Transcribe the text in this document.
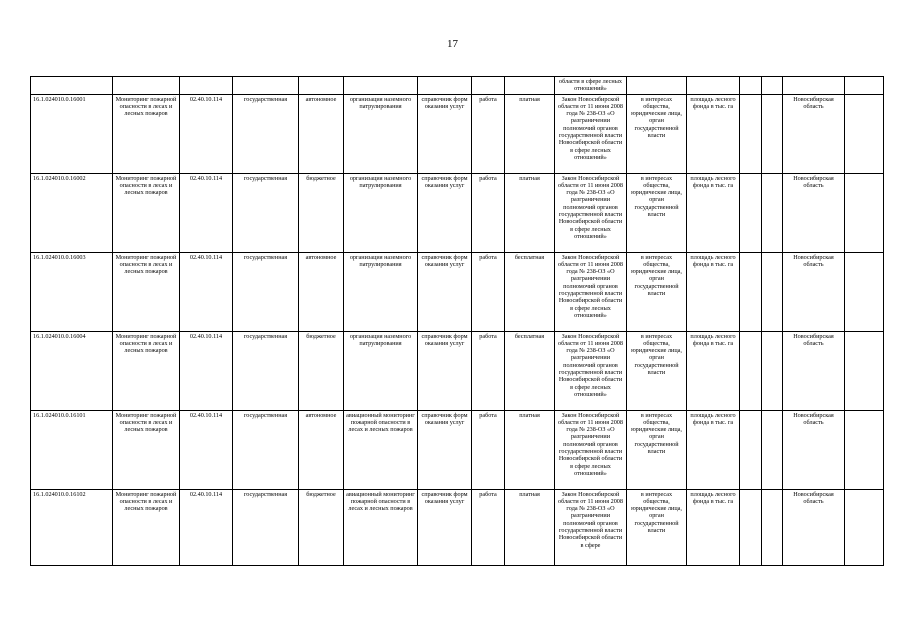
17
									области в сфере лесных отношений»						
16.1.024010.0.16001	Мониторинг пожарной опасности в лесах и лесных пожаров	02.40.10.114	государственная	автономное	организация наземного патрулирования	справочник форм оказания услуг	работа	платная	Закон Новосибирской области от 11 июня 2008 года № 238-ОЗ «О разграничении полномочий органов государственной власти Новосибирской области в сфере лесных отношений»	в интересах общества, юридические лица, орган государственной власти	площадь лесного фонда в тыс. га			Новосибирская область	
16.1.024010.0.16002	Мониторинг пожарной опасности в лесах и лесных пожаров	02.40.10.114	государственная	бюджетное	организация наземного патрулирования	справочник форм оказания услуг	работа	платная	Закон Новосибирской области от 11 июня 2008 года № 238-ОЗ «О разграничении полномочий органов государственной власти Новосибирской области в сфере лесных отношений»	в интересах общества, юридические лица, орган государственной власти	площадь лесного фонда в тыс. га			Новосибирская область	
16.1.024010.0.16003	Мониторинг пожарной опасности в лесах и лесных пожаров	02.40.10.114	государственная	автономное	организация наземного патрулирования	справочник форм оказания услуг	работа	бесплатная	Закон Новосибирской области от 11 июня 2008 года № 238-ОЗ «О разграничении полномочий органов государственной власти Новосибирской области в сфере лесных отношений»	в интересах общества, юридические лица, орган государственной власти	площадь лесного фонда в тыс. га			Новосибирская область	
16.1.024010.0.16004	Мониторинг пожарной опасности в лесах и лесных пожаров	02.40.10.114	государственная	бюджетное	организация наземного патрулирования	справочник форм оказания услуг	работа	бесплатная	Закон Новосибирской области от 11 июня 2008 года № 238-ОЗ «О разграничении полномочий органов государственной власти Новосибирской области в сфере лесных отношений»	в интересах общества, юридические лица, орган государственной власти	площадь лесного фонда в тыс. га			Новосибирская область	
16.1.024010.0.16101	Мониторинг пожарной опасности в лесах и лесных пожаров	02.40.10.114	государственная	автономное	авиационный мониторинг пожарной опасности в лесах и лесных пожаров	справочник форм оказания услуг	работа	платная	Закон Новосибирской области от 11 июня 2008 года № 238-ОЗ «О разграничении полномочий органов государственной власти Новосибирской области в сфере лесных отношений»	в интересах общества, юридические лица, орган государственной власти	площадь лесного фонда в тыс. га			Новосибирская область	
16.1.024010.0.16102	Мониторинг пожарной опасности в лесах и лесных пожаров	02.40.10.114	государственная	бюджетное	авиационный мониторинг пожарной опасности в лесах и лесных пожаров	справочник форм оказания услуг	работа	платная	Закон Новосибирской области от 11 июня 2008 года № 238-ОЗ «О разграничении полномочий органов государственной власти Новосибирской области в сфере	в интересах общества, юридические лица, орган государственной власти	площадь лесного фонда в тыс. га			Новосибирская область	
